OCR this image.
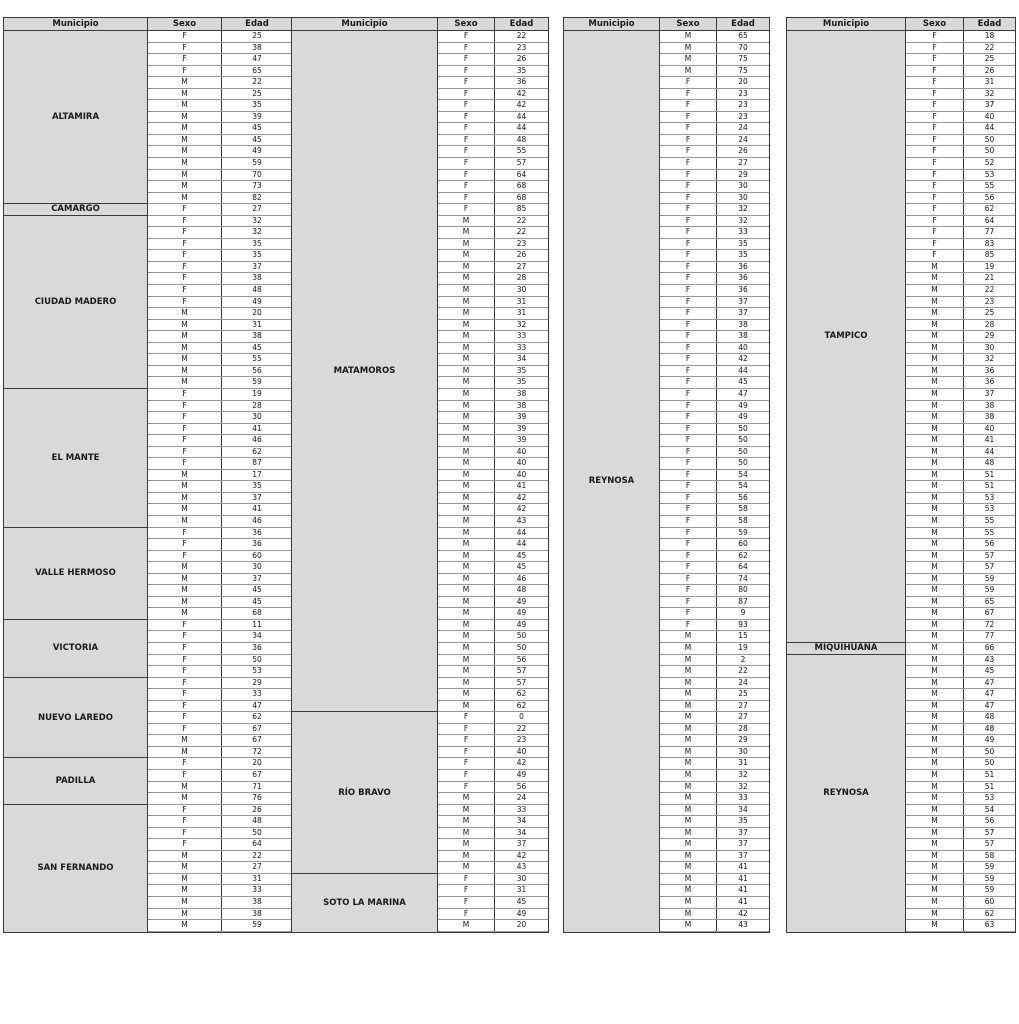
Municipio	Sexo	Edad
ALTAMIRA
F	25
F	38
F	47
F	65
M	22
M	25
M	35
M	39
M	45
M	45
M	49
M	59
M	70
M	73
M	82
CAMARGO	F	27
CIUDAD MADERO
F	32
F	32
F	35
F	35
F	37
F	38
F	48
F	49
M	20
M	31
M	38
M	45
M	55
M	56
M	59
EL MANTE
F	19
F	28
F	30
F	41
F	46
F	62
F	87
M	17
M	35
M	37
M	41
M	46
VALLE HERMOSO
F	36
F	36
F	60
M	30
M	37
M	45
M	45
M	68
VICTORIA
F	11
F	34
F	36
F	50
F	53
NUEVO LAREDO
F	29
F	33
F	47
F	62
F	67
M	67
M	72
PADILLA
F	20
F	67
M	71
M	76
SAN FERNANDO
F	26
F	48
F	50
F	64
M	22
M	27
M	31
M	33
M	38
M	38
M	59
Municipio	Sexo	Edad
MATAMOROS
F	22
F	23
F	26
F	35
F	36
F	42
F	42
F	44
F	44
F	48
F	55
F	57
F	64
F	68
F	68
F	85
M	22
M	22
M	23
M	26
M	27
M	28
M	30
M	31
M	31
M	32
M	33
M	33
M	34
M	35
M	35
M	38
M	38
M	39
M	39
M	39
M	40
M	40
M	40
M	41
M	42
M	42
M	43
M	44
M	44
M	45
M	45
M	46
M	48
M	49
M	49
M	49
M	50
M	50
M	56
M	57
M	57
M	62
M	62
RÍO BRAVO
F	0
F	22
F	23
F	40
F	42
F	49
F	56
M	24
M	33
M	34
M	34
M	37
M	42
M	43
SOTO LA MARINA
F	30
F	31
F	45
F	49
M	20
Municipio	Sexo	Edad
REYNOSA
M	65
M	70
M	75
M	75
F	20
F	23
F	23
F	23
F	24
F	24
F	26
F	27
F	29
F	30
F	30
F	32
F	32
F	33
F	35
F	35
F	36
F	36
F	36
F	37
F	37
F	38
F	38
F	40
F	42
F	44
F	45
F	47
F	49
F	49
F	50
F	50
F	50
F	50
F	54
F	54
F	56
F	58
F	58
F	59
F	60
F	62
F	64
F	74
F	80
F	87
F	9
F	93
M	15
M	19
M	2
M	22
M	24
M	25
M	27
M	27
M	28
M	29
M	30
M	31
M	32
M	32
M	33
M	34
M	35
M	37
M	37
M	37
M	41
M	41
M	41
M	41
M	42
M	43
Municipio	Sexo	Edad
TAMPICO
F	18
F	22
F	25
F	26
F	31
F	32
F	37
F	40
F	44
F	50
F	50
F	52
F	53
F	55
F	56
F	62
F	64
F	77
F	83
F	85
M	19
M	21
M	22
M	23
M	25
M	28
M	29
M	30
M	32
M	36
M	36
M	37
M	38
M	38
M	40
M	41
M	44
M	48
M	51
M	51
M	53
M	53
M	55
M	55
M	56
M	57
M	57
M	59
M	59
M	65
M	67
M	72
M	77
MIQUIHUANA	M	66
REYNOSA
M	43
M	45
M	47
M	47
M	47
M	48
M	48
M	49
M	50
M	50
M	51
M	51
M	53
M	54
M	56
M	57
M	57
M	58
M	59
M	59
M	59
M	60
M	62
M	63
